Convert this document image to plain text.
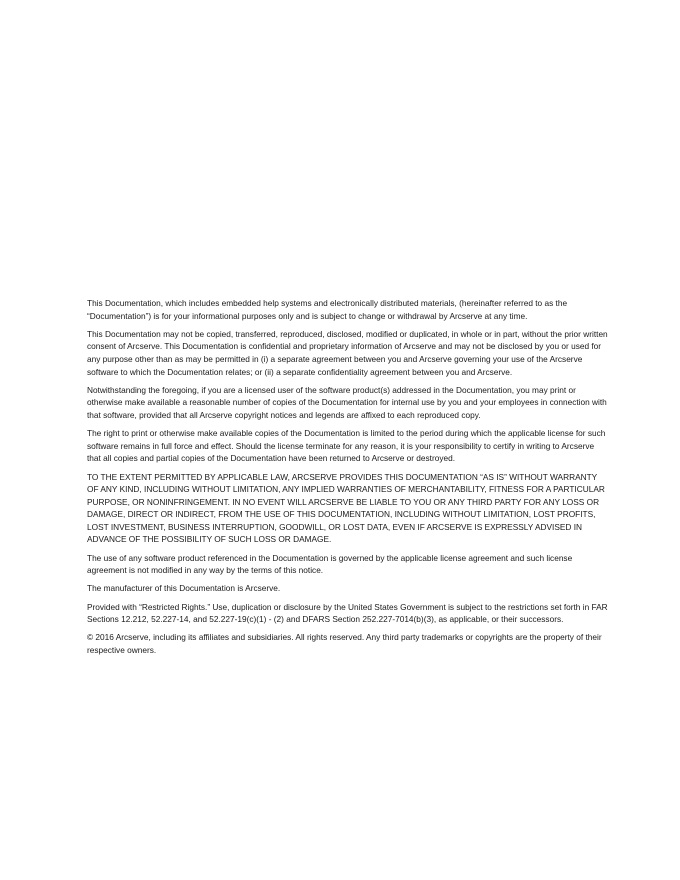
This Documentation, which includes embedded help systems and electronically distributed materials, (hereinafter referred to as the “Documentation”) is for your informational purposes only and is subject to change or withdrawal by Arcserve at any time.

This Documentation may not be copied, transferred, reproduced, disclosed, modified or duplicated, in whole or in part, without the prior written consent of Arcserve. This Documentation is confidential and proprietary information of Arcserve and may not be disclosed by you or used for any purpose other than as may be permitted in (i) a separate agreement between you and Arcserve governing your use of the Arcserve software to which the Documentation relates; or (ii) a separate confidentiality agreement between you and Arcserve.

Notwithstanding the foregoing, if you are a licensed user of the software product(s) addressed in the Documentation, you may print or otherwise make available a reasonable number of copies of the Documentation for internal use by you and your employees in connection with that software, provided that all Arcserve copyright notices and legends are affixed to each reproduced copy.

The right to print or otherwise make available copies of the Documentation is limited to the period during which the applicable license for such software remains in full force and effect. Should the license terminate for any reason, it is your responsibility to certify in writing to Arcserve that all copies and partial copies of the Documentation have been returned to Arcserve or destroyed.

TO THE EXTENT PERMITTED BY APPLICABLE LAW, ARCSERVE PROVIDES THIS DOCUMENTATION “AS IS” WITHOUT WARRANTY OF ANY KIND, INCLUDING WITHOUT LIMITATION, ANY IMPLIED WARRANTIES OF MERCHANTABILITY, FITNESS FOR A PARTICULAR PURPOSE, OR NONINFRINGEMENT. IN NO EVENT WILL ARCSERVE BE LIABLE TO YOU OR ANY THIRD PARTY FOR ANY LOSS OR DAMAGE, DIRECT OR INDIRECT, FROM THE USE OF THIS DOCUMENTATION, INCLUDING WITHOUT LIMITATION, LOST PROFITS, LOST INVESTMENT, BUSINESS INTERRUPTION, GOODWILL, OR LOST DATA, EVEN IF ARCSERVE IS EXPRESSLY ADVISED IN ADVANCE OF THE POSSIBILITY OF SUCH LOSS OR DAMAGE.

The use of any software product referenced in the Documentation is governed by the applicable license agreement and such license agreement is not modified in any way by the terms of this notice.

The manufacturer of this Documentation is Arcserve.

Provided with “Restricted Rights.” Use, duplication or disclosure by the United States Government is subject to the restrictions set forth in FAR Sections 12.212, 52.227-14, and 52.227-19(c)(1) - (2) and DFARS Section 252.227-7014(b)(3), as applicable, or their successors.

© 2016 Arcserve, including its affiliates and subsidiaries. All rights reserved. Any third party trademarks or copyrights are the property of their respective owners.
